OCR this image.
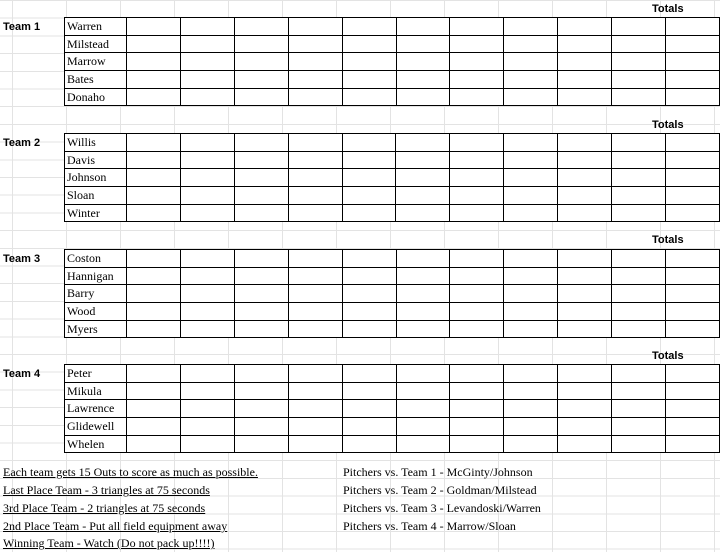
Totals
Team 1 Warren											
Milstead											
Marrow											
Bates											
Donaho											
Totals
Team 2 Willis											
Davis											
Johnson											
Sloan											
Winter											
Totals
Team 3 Coston											
Hannigan											
Barry											
Wood											
Myers											
Totals
Team 4 Peter											
Mikula											
Lawrence											
Glidewell											
Whelen											
Each team gets 15 Outs to score as much as possible.
Last Place Team - 3 triangles at 75 seconds
3rd Place Team - 2 triangles at 75 seconds
2nd Place Team - Put all field equipment away
Winning Team - Watch (Do not pack up!!!!)
Pitchers vs. Team 1 - McGinty/Johnson
Pitchers vs. Team 2 - Goldman/Milstead
Pitchers vs. Team 3 - Levandoski/Warren
Pitchers vs. Team 4 - Marrow/Sloan
